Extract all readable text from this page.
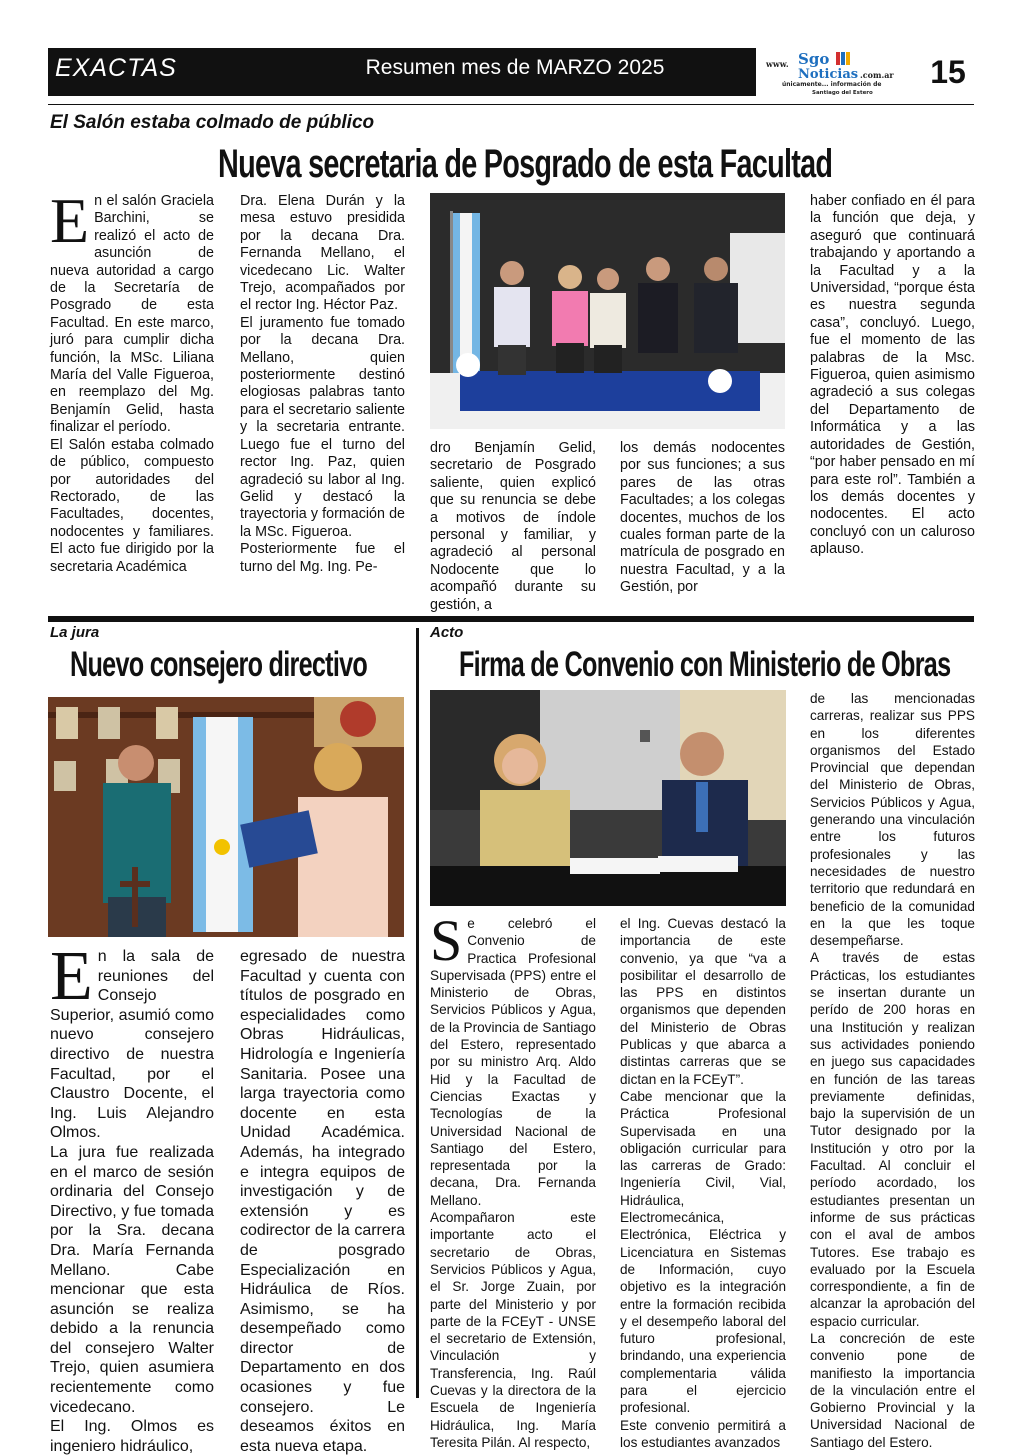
EXACTAS	Resumen mes de MARZO 2025	www. Sgo
Noticias .com.ar
únicamente... información de
Santiago del Estero
15
El Salón estaba colmado de público
Nueva secretaria de Posgrado de esta Facultad
E n el salón Graciela Barchini, se realizó el acto de asunción de nueva autoridad a cargo de la Secretaría de Posgrado de esta Facultad. En este marco, juró para cumplir dicha función, la MSc. Liliana María del Valle Figueroa, en reemplazo del Mg. Benjamín Gelid, hasta finalizar el período.

El Salón estaba colmado de público, compuesto por autoridades del Rectorado, de las Facultades, docentes, nodocentes y familiares. El acto fue dirigido por la secretaria Académica

Dra. Elena Durán y la mesa estuvo presidida por la decana Dra. Fernanda Mellano, el vicedecano Lic. Walter Trejo, acompañados por el rector Ing. Héctor Paz.

El juramento fue tomado por la decana Dra. Mellano, quien posteriormente destinó elogiosas palabras tanto para el secretario saliente y la secretaria entrante. Luego fue el turno del rector Ing. Paz, quien agradeció su labor al Ing. Gelid y destacó la trayectoria y formación de la MSc. Figueroa.

Posteriormente fue el turno del Mg. Ing. Pe-

dro Benjamín Gelid, secretario de Posgrado saliente, quien explicó que su renuncia se debe a motivos de índole personal y familiar, y agradeció al personal Nodocente que lo acompañó durante su gestión, a

los demás nodocentes por sus funciones; a sus pares de las otras Facultades; a los colegas docentes, muchos de los cuales forman parte de la matrícula de posgrado en nuestra Facultad, y a la Gestión, por

haber confiado en él para la función que deja, y aseguró que continuará trabajando y aportando a la Facultad y a la Universidad, “porque ésta es nuestra segunda casa”, concluyó. Luego, fue el momento de las palabras de la Msc. Figueroa, quien asimismo agradeció a sus colegas del Departamento de Informática y a las autoridades de Gestión, “por haber pensado en mí para este rol”. También a los demás docentes y nodocentes. El acto concluyó con un caluroso aplauso.

La jura
Nuevo consejero directivo
E n la sala de reuniones del Consejo Superior, asumió como nuevo consejero directivo de nuestra Facultad, por el Claustro Docente, el Ing. Luis Alejandro Olmos.

La jura fue realizada en el marco de sesión ordinaria del Consejo Directivo, y fue tomada por la Sra. decana Dra. María Fernanda Mellano. Cabe mencionar que esta asunción se realiza debido a la renuncia del consejero Walter Trejo, quien asumiera recientemente como vicedecano.

El Ing. Olmos es ingeniero hidráulico,

egresado de nuestra Facultad y cuenta con títulos de posgrado en especialidades como Obras Hidráulicas, Hidrología e Ingeniería Sanitaria. Posee una larga trayectoria como docente en esta Unidad Académica. Además, ha integrado e integra equipos de investigación y de extensión y es codirector de la carrera de posgrado Especialización en Hidráulica de Ríos. Asimismo, se ha desempeñado como director de Departamento en dos ocasiones y fue consejero. Le deseamos éxitos en esta nueva etapa.

Acto
Firma de Convenio con Ministerio de Obras
S e celebró el Convenio de Practica Profesional Supervisada (PPS) entre el Ministerio de Obras, Servicios Públicos y Agua, de la Provincia de Santiago del Estero, representado por su ministro Arq. Aldo Hid y la Facultad de Ciencias Exactas y Tecnologías de la Universidad Nacional de Santiago del Estero, representada por la decana, Dra. Fernanda Mellano.

Acompañaron este importante acto el secretario de Obras, Servicios Públicos y Agua, el Sr. Jorge Zuain, por parte del Ministerio y por parte de la FCEyT - UNSE el secretario de Extensión, Vinculación y Transferencia, Ing. Raúl Cuevas y la directora de la Escuela de Ingeniería Hidráulica, Ing. María Teresita Pilán. Al respecto,

el Ing. Cuevas destacó la importancia de este convenio, ya que “va a posibilitar el desarrollo de las PPS en distintos organismos que dependen del Ministerio de Obras Publicas y que abarca a distintas carreras que se dictan en la FCEyT”.

Cabe mencionar que la Práctica Profesional Supervisada en una obligación curricular para las carreras de Grado: Ingeniería Civil, Vial, Hidráulica, Electromecánica, Electrónica, Eléctrica y Licenciatura en Sistemas de Información, cuyo objetivo es la integración entre la formación recibida y el desempeño laboral del futuro profesional, brindando, una experiencia complementaria válida para el ejercicio profesional.

Este convenio permitirá a los estudiantes avanzados

de las mencionadas carreras, realizar sus PPS en los diferentes organismos del Estado Provincial que dependan del Ministerio de Obras, Servicios Públicos y Agua, generando una vinculación entre los futuros profesionales y las necesidades de nuestro territorio que redundará en beneficio de la comunidad en la que les toque desempeñarse.

A través de estas Prácticas, los estudiantes se insertan durante un perído de 200 horas en una Institución y realizan sus actividades poniendo en juego sus capacidades en función de las tareas previamente definidas, bajo la supervisión de un Tutor designado por la Institución y otro por la Facultad. Al concluir el período acordado, los estudiantes presentan un informe de sus prácticas con el aval de ambos Tutores. Ese trabajo es evaluado por la Escuela correspondiente, a fin de alcanzar la aprobación del espacio curricular.

La concreción de este convenio pone de manifiesto la importancia de la vinculación entre el Gobierno Provincial y la Universidad Nacional de Santiago del Estero.
